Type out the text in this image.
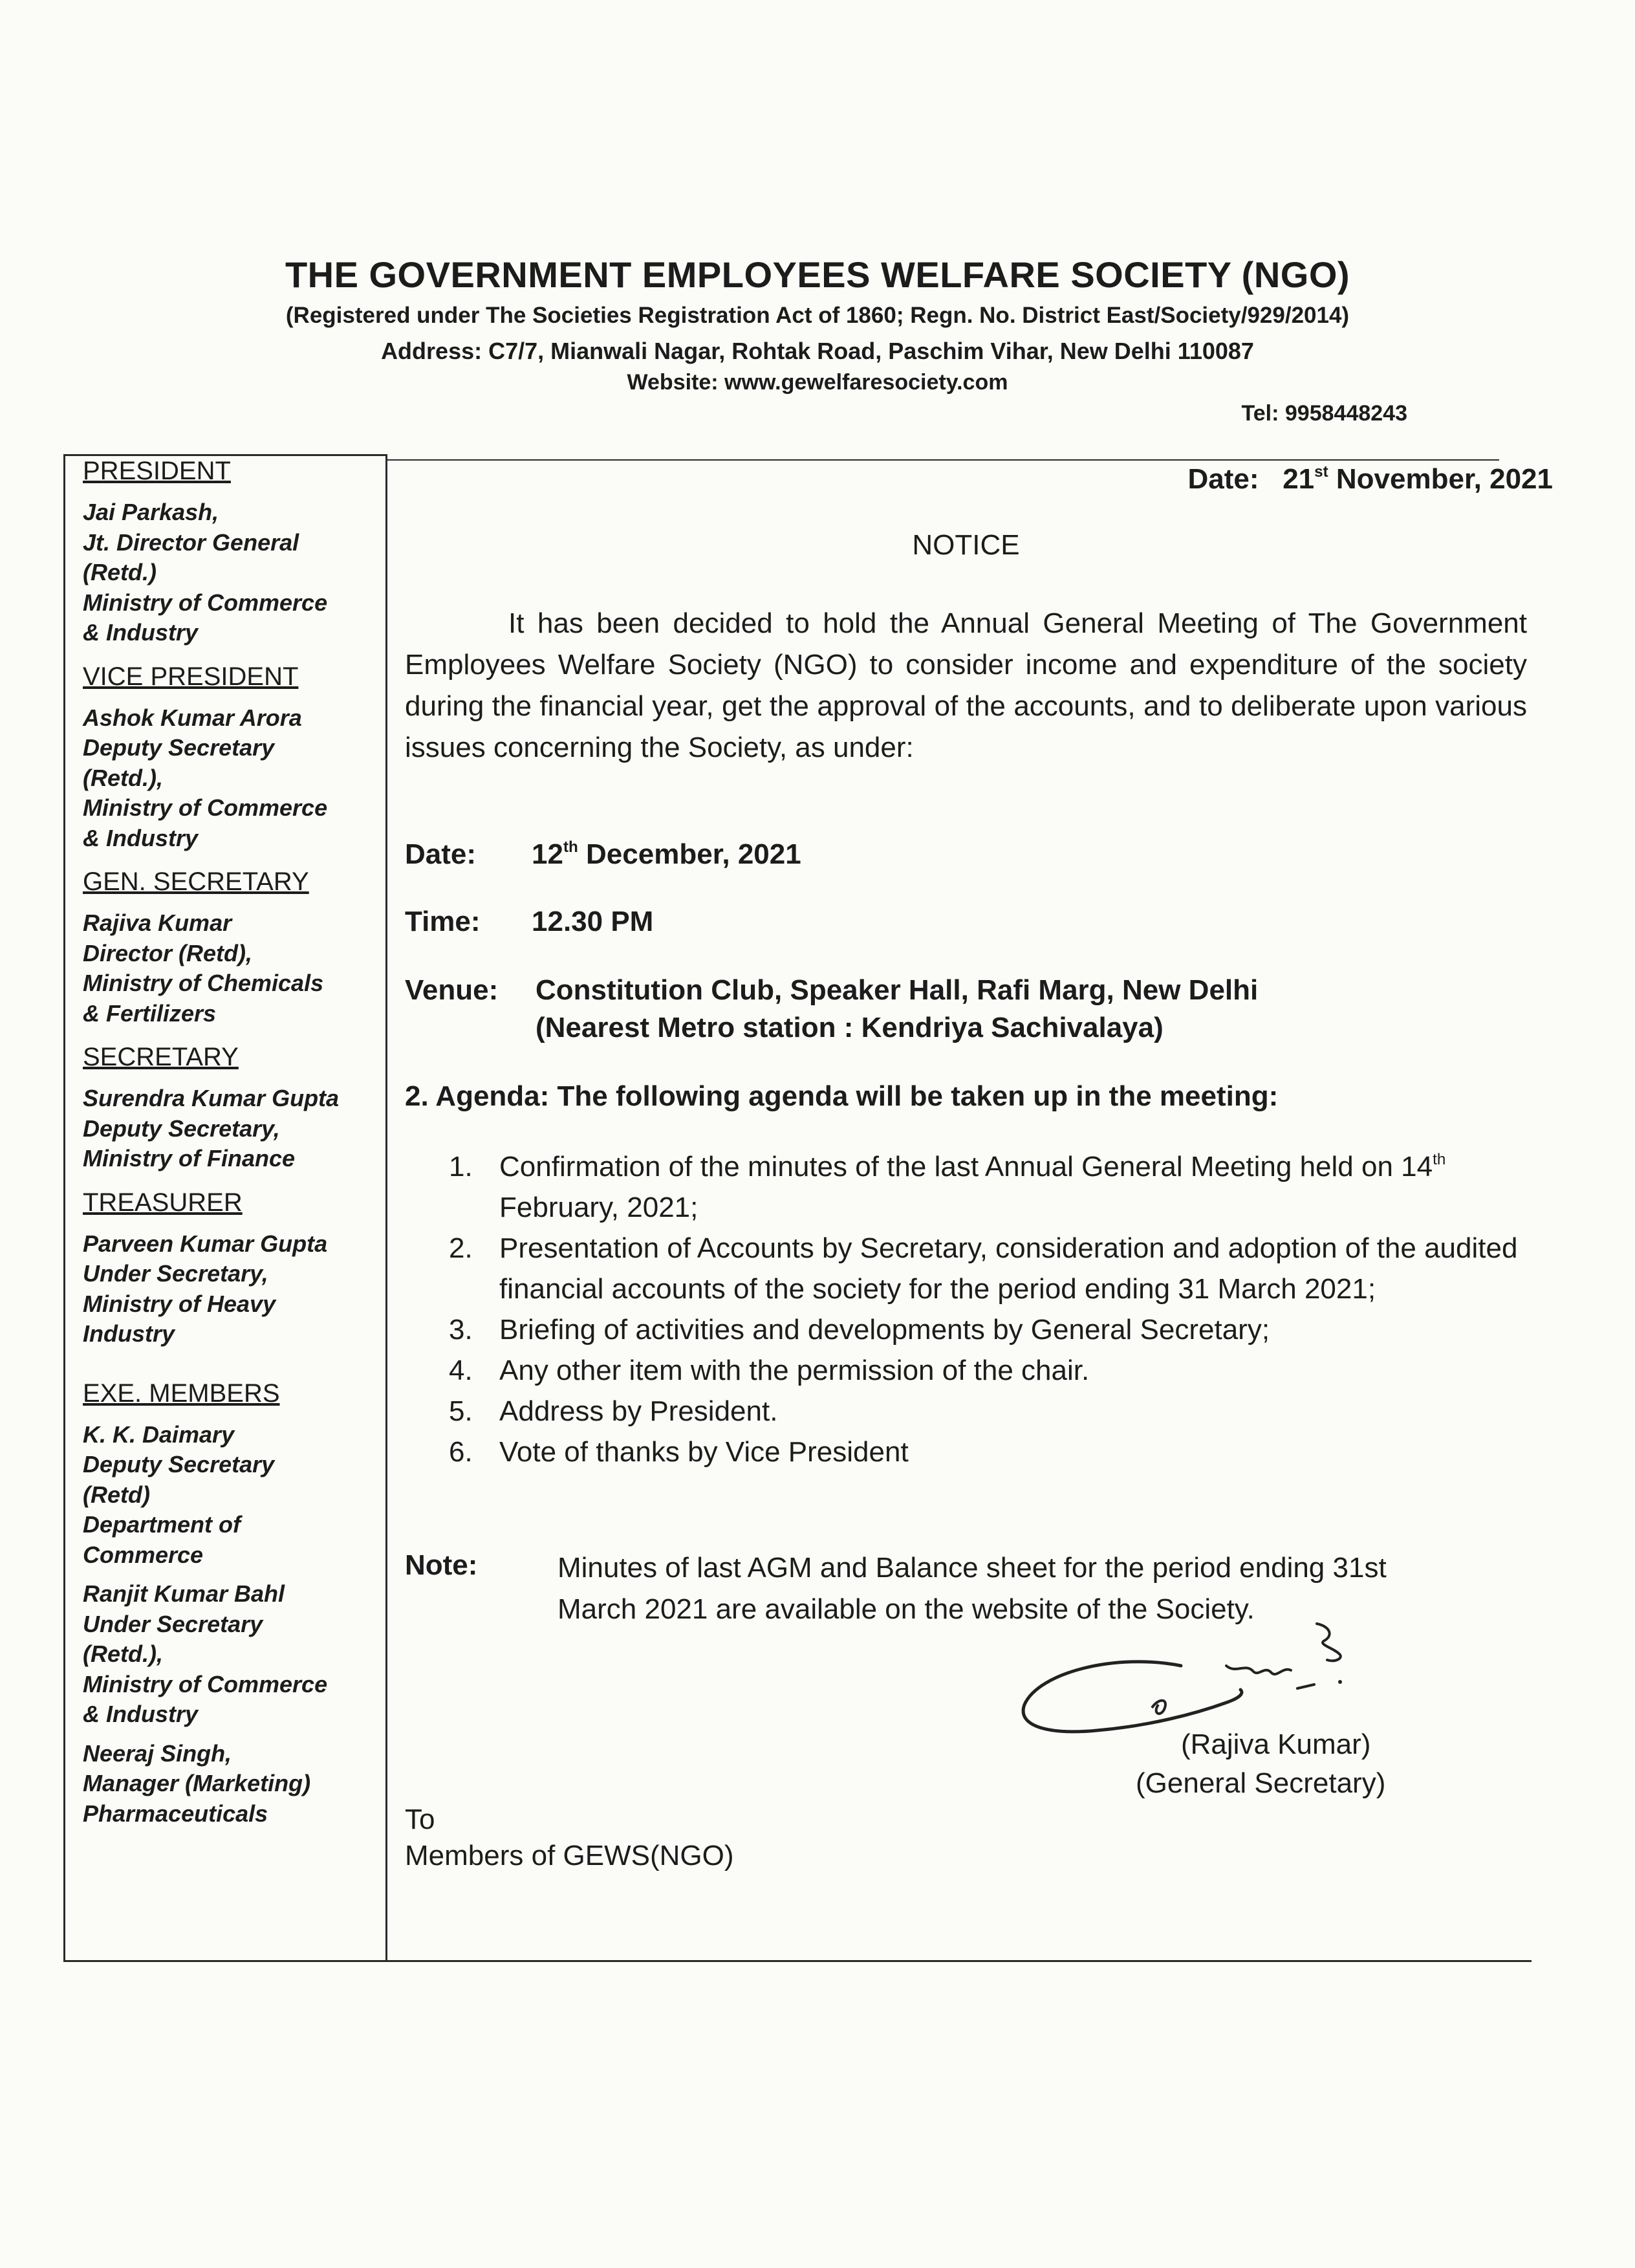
THE GOVERNMENT EMPLOYEES WELFARE SOCIETY (NGO)
(Registered under The Societies Registration Act of 1860; Regn. No. District East/Society/929/2014)
Address: C7/7, Mianwali Nagar, Rohtak Road, Paschim Vihar, New Delhi 110087
Website: www.gewelfaresociety.com
Tel: 9958448243
PRESIDENT
Jai Parkash,
Jt. Director General
(Retd.)
Ministry of Commerce
& Industry
VICE PRESIDENT
Ashok Kumar Arora
Deputy Secretary
(Retd.),
Ministry of Commerce
& Industry
GEN. SECRETARY
Rajiva Kumar
Director (Retd),
Ministry of Chemicals
& Fertilizers
SECRETARY
Surendra Kumar Gupta
Deputy Secretary,
Ministry of Finance
TREASURER
Parveen Kumar Gupta
Under Secretary,
Ministry of Heavy
Industry
EXE. MEMBERS
K. K. Daimary
Deputy Secretary
(Retd)
Department of
Commerce
Ranjit Kumar Bahl
Under Secretary
(Retd.),
Ministry of Commerce
& Industry
Neeraj Singh,
Manager (Marketing)
Pharmaceuticals
Date: 21st November, 2021
NOTICE

It has been decided to hold the Annual General Meeting of The Government Employees Welfare Society (NGO) to consider income and expenditure of the society during the financial year, get the approval of the accounts, and to deliberate upon various issues concerning the Society, as under:

Date: 12th December, 2021
Time: 12.30 PM
Venue: Constitution Club, Speaker Hall, Rafi Marg, New Delhi
(Nearest Metro station : Kendriya Sachivalaya)
2. Agenda: The following agenda will be taken up in the meeting:
1. Confirmation of the minutes of the last Annual General Meeting held on 14th February, 2021;
2. Presentation of Accounts by Secretary, consideration and adoption of the audited financial accounts of the society for the period ending 31 March 2021;
3. Briefing of activities and developments by General Secretary;
4. Any other item with the permission of the chair.
5. Address by President.
6. Vote of thanks by Vice President
Note:	Minutes of last AGM and Balance sheet for the period ending 31st March 2021 are available on the website of the Society.

(Rajiva Kumar)
(General Secretary)
To
Members of GEWS(NGO)
